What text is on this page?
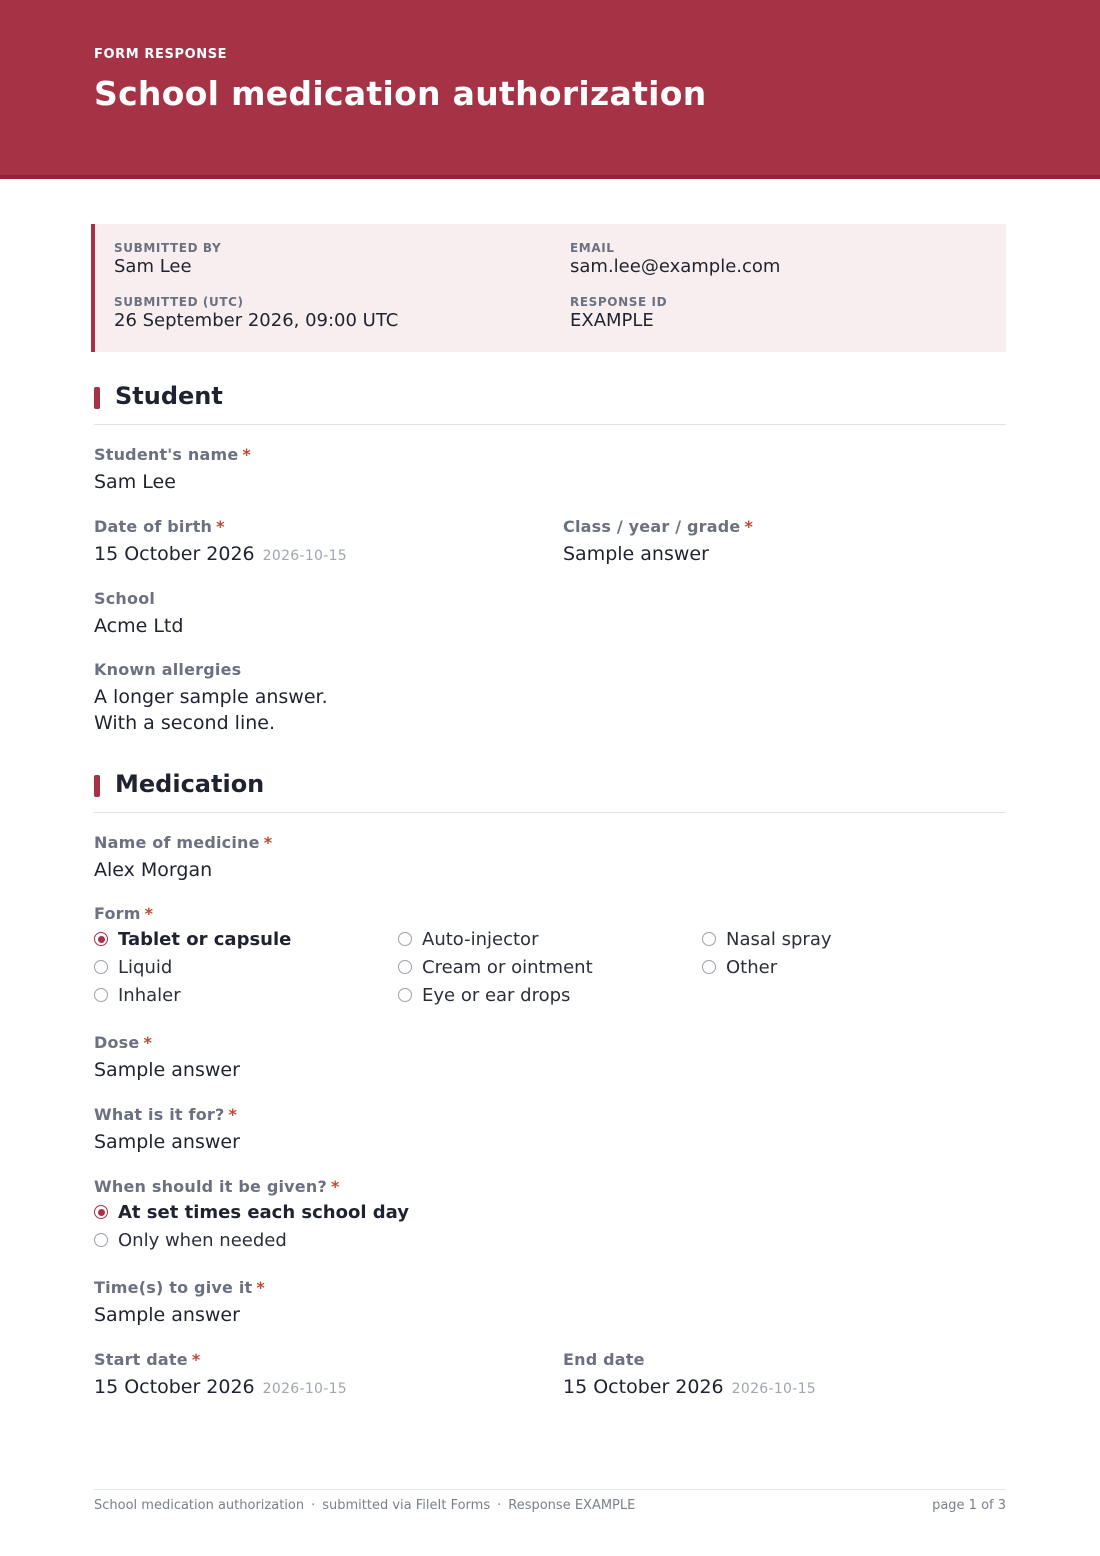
FORM RESPONSE
School medication authorization
SUBMITTED BY
Sam Lee
EMAIL
sam.lee@example.com
SUBMITTED (UTC)
26 September 2026, 09:00 UTC
RESPONSE ID
EXAMPLE
Student
Student's name *
Sam Lee
Date of birth *
15 October 2026 2026-10-15
Class / year / grade *
Sample answer
School
Acme Ltd
Known allergies
A longer sample answer.
With a second line.
Medication
Name of medicine *
Alex Morgan
Form *
Tablet or capsule
Liquid
Inhaler
Auto-injector
Cream or ointment
Eye or ear drops
Nasal spray
Other
Dose *
Sample answer
What is it for? *
Sample answer
When should it be given? *
At set times each school day
Only when needed
Time(s) to give it *
Sample answer
Start date *
15 October 2026 2026-10-15
End date
15 October 2026 2026-10-15
School medication authorization · submitted via FileIt Forms · Response EXAMPLE	page 1 of 3
